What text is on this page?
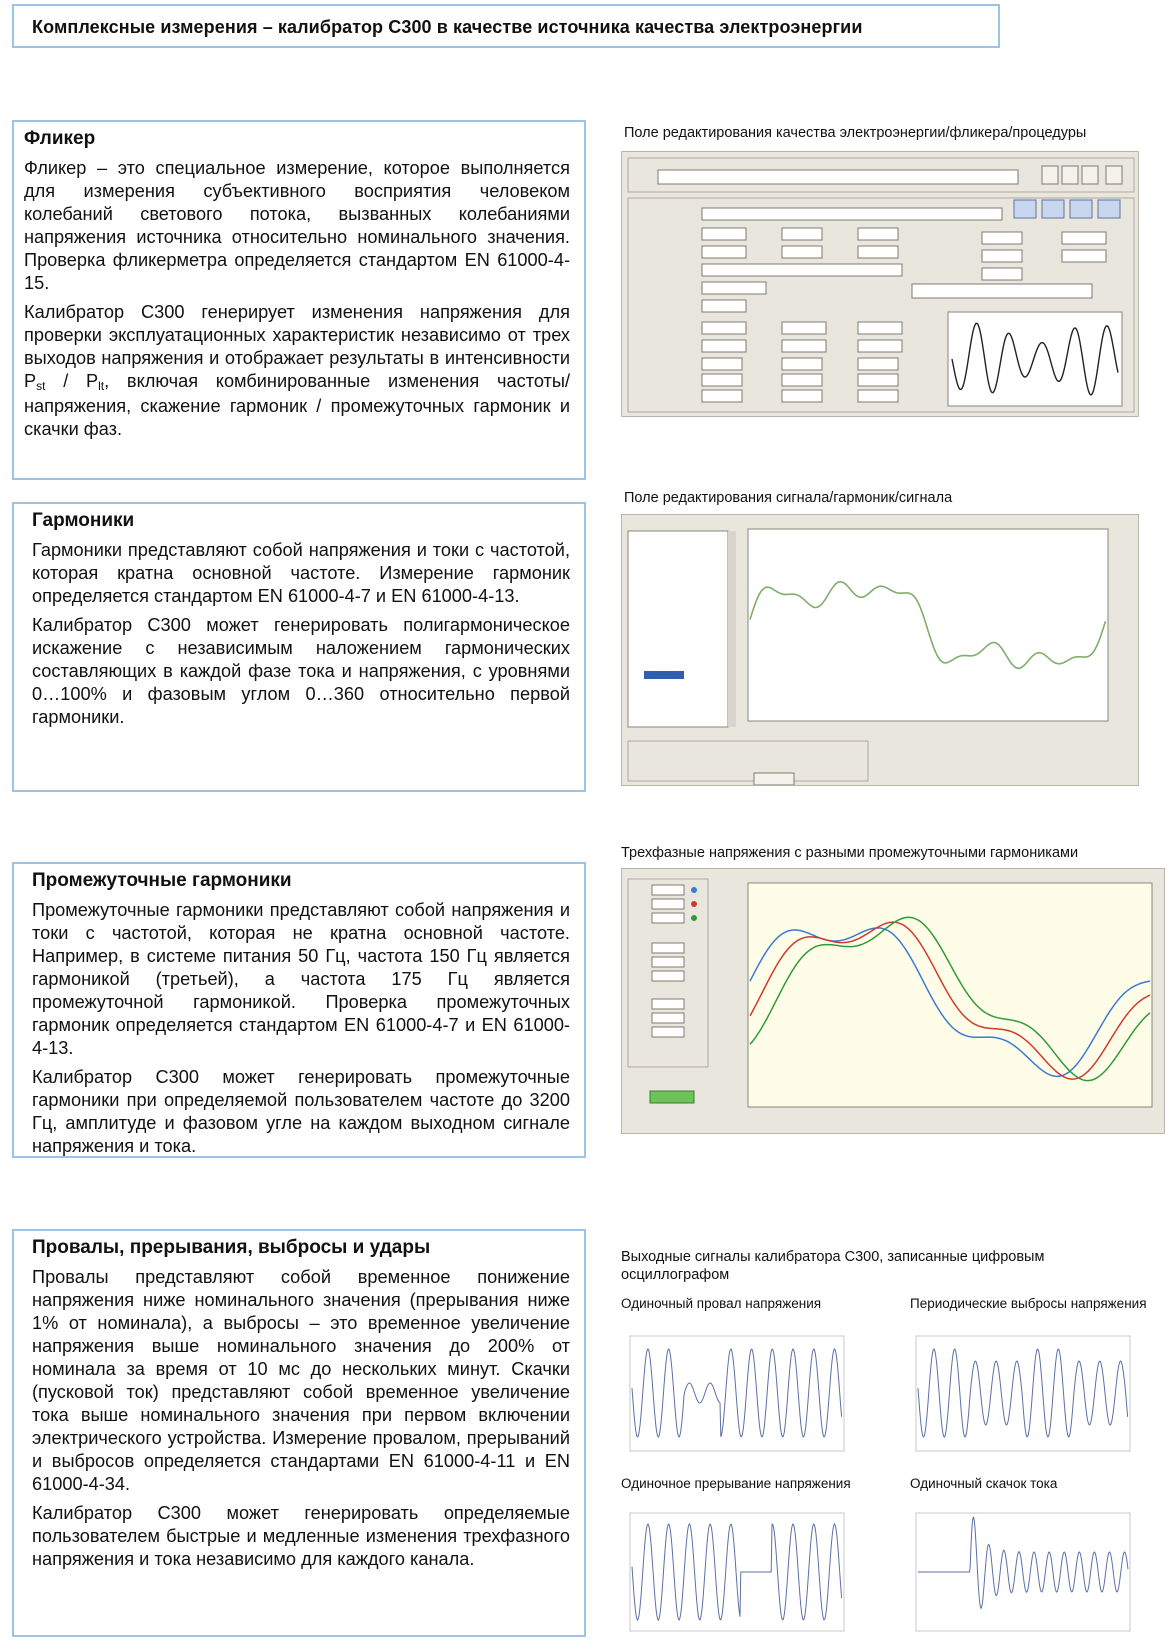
Комплексные измерения – калибратор С300 в качестве источника качества электроэнергии
Фликер

Фликер – это специальное измерение, которое выполняется для измерения субъективного восприятия человеком колебаний светового потока, вызванных колебаниями напряжения источника относительно номинального значения. Проверка фликерметра определяется стандартом EN 61000-4-15.

Калибратор С300 генерирует изменения напряжения для проверки эксплуатационных характеристик независимо от трех выходов напряжения и отображает результаты в интенсивности $P_{st} / P_{lt}$, включая комбинированные изменения частоты/напряжения, скажение гармоник / промежуточных гармоник и скачки фаз.

Поле редактирования качества электроэнергии/фликера/процедуры
Гармоники

Гармоники представляют собой напряжения и токи с частотой, которая кратна основной частоте. Измерение гармоник определяется стандартом EN 61000-4-7 и EN 61000-4-13.

Калибратор С300 может генерировать полигармоническое искажение с независимым наложением гармонических составляющих в каждой фазе тока и напряжения, с уровнями 0…100% и фазовым углом 0…360 относительно первой гармоники.

Поле редактирования сигнала/гармоник/сигнала
Промежуточные гармоники

Промежуточные гармоники представляют собой напряжения и токи с частотой, которая не кратна основной частоте. Например, в системе питания 50 Гц, частота 150 Гц является гармоникой (третьей), а частота 175 Гц является промежуточной гармоникой. Проверка промежуточных гармоник определяется стандартом EN 61000-4-7 и EN 61000-4-13.

Калибратор С300 может генерировать промежуточные гармоники при определяемой пользователем частоте до 3200 Гц, амплитуде и фазовом угле на каждом выходном сигнале напряжения и тока.

Трехфазные напряжения с разными промежуточными гармониками
Провалы, прерывания, выбросы и удары

Провалы представляют собой временное понижение напряжения ниже номинального значения (прерывания ниже 1% от номинала), а выбросы – это временное увеличение напряжения выше номинального значения до 200% от номинала за время от 10 мс до нескольких минут. Скачки (пусковой ток) представляют собой временное увеличение тока выше номинального значения при первом включении электрического устройства. Измерение провалом, прерываний и выбросов определяется стандартами EN 61000-4-11 и EN 61000-4-34.

Калибратор С300 может генерировать определяемые пользователем быстрые и медленные изменения трехфазного напряжения и тока независимо для каждого канала.

Выходные сигналы калибратора С300, записанные цифровым осциллографом
Одиночный провал напряжения	Периодические выбросы напряжения
Одиночное прерывание напряжения	Одиночный скачок тока
